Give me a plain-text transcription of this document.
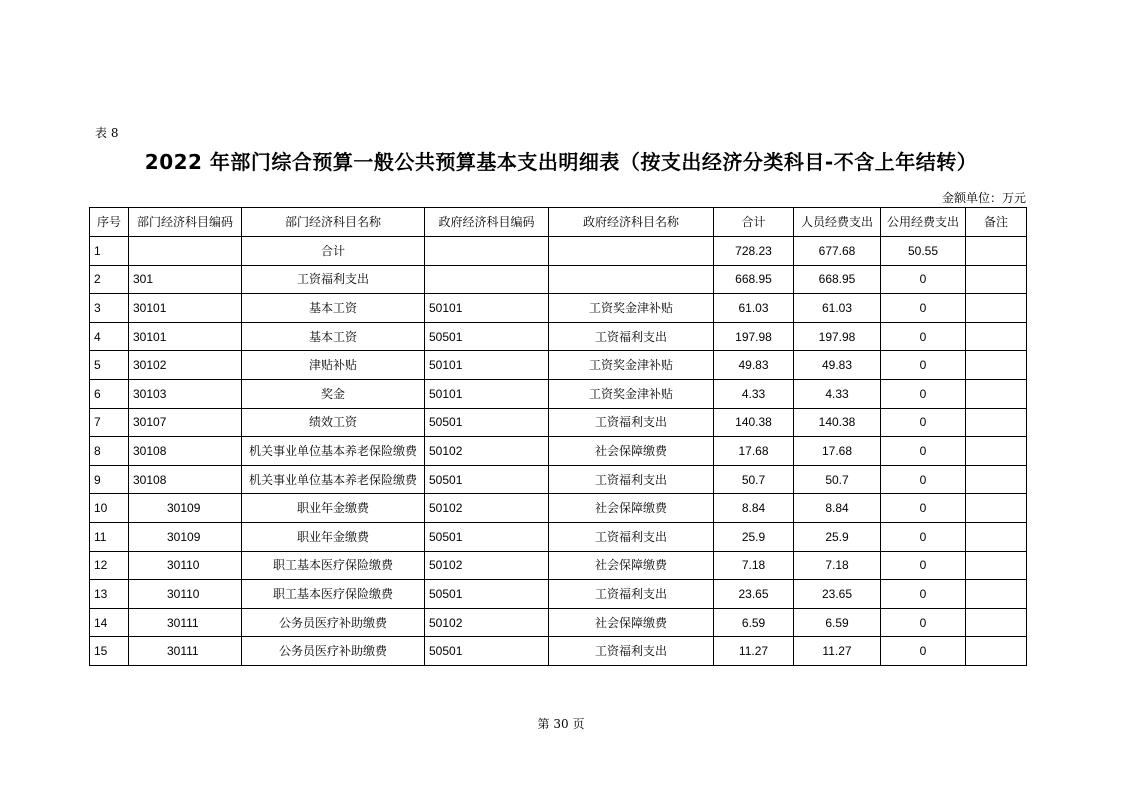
表 8
2022 年部门综合预算一般公共预算基本支出明细表（按支出经济分类科目-不含上年结转）
金额单位：万元
序号	部门经济科目编码	部门经济科目名称	政府经济科目编码	政府经济科目名称	合计	人员经费支出	公用经费支出	备注
1		合计			728.23	677.68	50.55	
2	301	工资福利支出			668.95	668.95	0	
3	30101	基本工资	50101	工资奖金津补贴	61.03	61.03	0	
4	30101	基本工资	50501	工资福利支出	197.98	197.98	0	
5	30102	津贴补贴	50101	工资奖金津补贴	49.83	49.83	0	
6	30103	奖金	50101	工资奖金津补贴	4.33	4.33	0	
7	30107	绩效工资	50501	工资福利支出	140.38	140.38	0	
8	30108	机关事业单位基本养老保险缴费	50102	社会保障缴费	17.68	17.68	0	
9	30108	机关事业单位基本养老保险缴费	50501	工资福利支出	50.7	50.7	0	
10	30109	职业年金缴费	50102	社会保障缴费	8.84	8.84	0	
11	30109	职业年金缴费	50501	工资福利支出	25.9	25.9	0	
12	30110	职工基本医疗保险缴费	50102	社会保障缴费	7.18	7.18	0	
13	30110	职工基本医疗保险缴费	50501	工资福利支出	23.65	23.65	0	
14	30111	公务员医疗补助缴费	50102	社会保障缴费	6.59	6.59	0	
15	30111	公务员医疗补助缴费	50501	工资福利支出	11.27	11.27	0	
第 30 页
